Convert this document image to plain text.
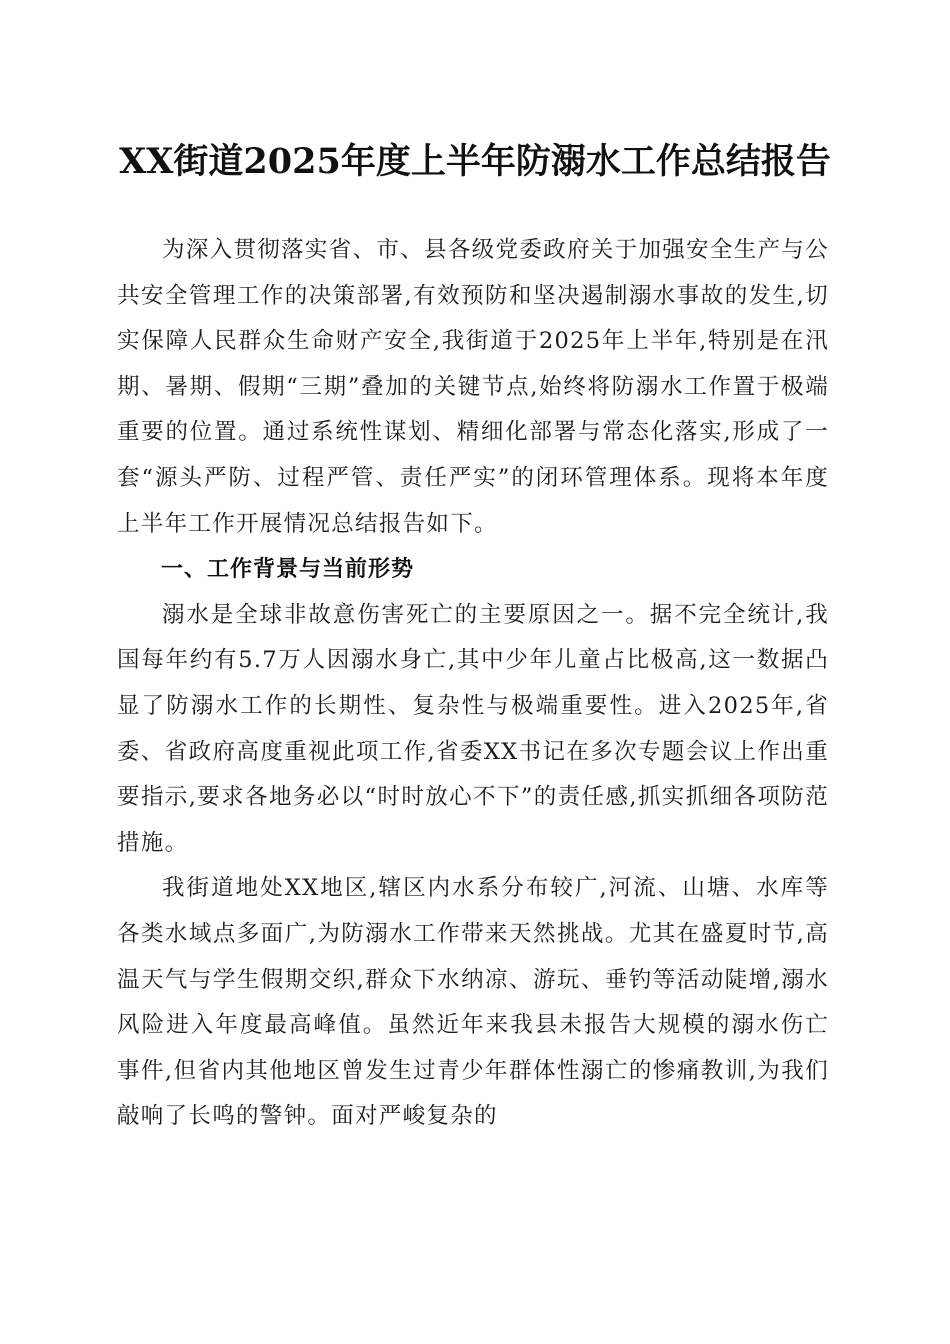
XX街道2025年度上半年防溺水工作总结报告

为深入贯彻落实省、市、县各级党委政府关于加强安全生产与公共安全管理工作的决策部署,有效预防和坚决遏制溺水事故的发生,切实保障人民群众生命财产安全,我街道于2025年上半年,特别是在汛期、暑期、假期“三期”叠加的关键节点,始终将防溺水工作置于极端重要的位置。通过系统性谋划、精细化部署与常态化落实,形成了一套“源头严防、过程严管、责任严实”的闭环管理体系。现将本年度上半年工作开展情况总结报告如下。

一、工作背景与当前形势

溺水是全球非故意伤害死亡的主要原因之一。据不完全统计,我国每年约有5.7万人因溺水身亡,其中少年儿童占比极高,这一数据凸显了防溺水工作的长期性、复杂性与极端重要性。进入2025年,省委、省政府高度重视此项工作,省委XX书记在多次专题会议上作出重要指示,要求各地务必以“时时放心不下”的责任感,抓实抓细各项防范措施。

我街道地处XX地区,辖区内水系分布较广,河流、山塘、水库等各类水域点多面广,为防溺水工作带来天然挑战。尤其在盛夏时节,高温天气与学生假期交织,群众下水纳凉、游玩、垂钓等活动陡增,溺水风险进入年度最高峰值。虽然近年来我县未报告大规模的溺水伤亡事件,但省内其他地区曾发生过青少年群体性溺亡的惨痛教训,为我们敲响了长鸣的警钟。面对严峻复杂的
